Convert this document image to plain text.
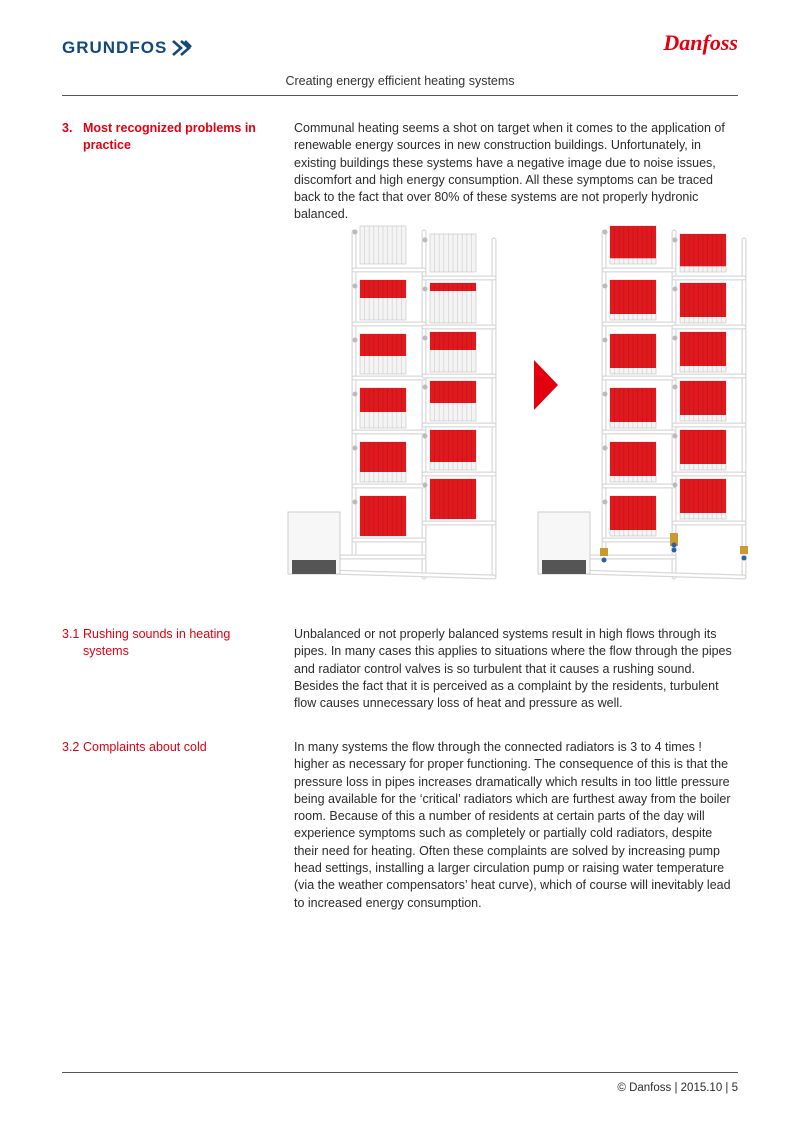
GRUNDFOS	Danfoss
Creating energy efficient heating systems
3. Most recognized problems in practice

Communal heating seems a shot on target when it comes to the application of renewable energy sources in new construction buildings. Unfortunately, in existing buildings these systems have a negative image due to noise issues, discomfort and high energy consumption. All these symptoms can be traced back to the fact that over 80% of these systems are not properly hydronic balanced.

3.1 Rushing sounds in heating systems

Unbalanced or not properly balanced systems result in high flows through its pipes. In many cases this applies to situations where the flow through the pipes and radiator control valves is so turbulent that it causes a rushing sound. Besides the fact that it is perceived as a complaint by the residents, turbulent flow causes unnecessary loss of heat and pressure as well.

3.2 Complaints about cold	In many systems the flow through the connected radiators is 3 to 4 times ! higher as necessary for proper functioning. The consequence of this is that the pressure loss in pipes increases dramatically which results in too little pressure being available for the ‘critical’ radiators which are furthest away from the boiler room. Because of this a number of residents at certain parts of the day will experience symptoms such as completely or partially cold radiators, despite their need for heating. Often these complaints are solved by increasing pump head settings, installing a larger circulation pump or raising water temperature (via the weather compensators’ heat curve), which of course will inevitably lead to increased energy consumption.

© Danfoss | 2015.10 | 5
